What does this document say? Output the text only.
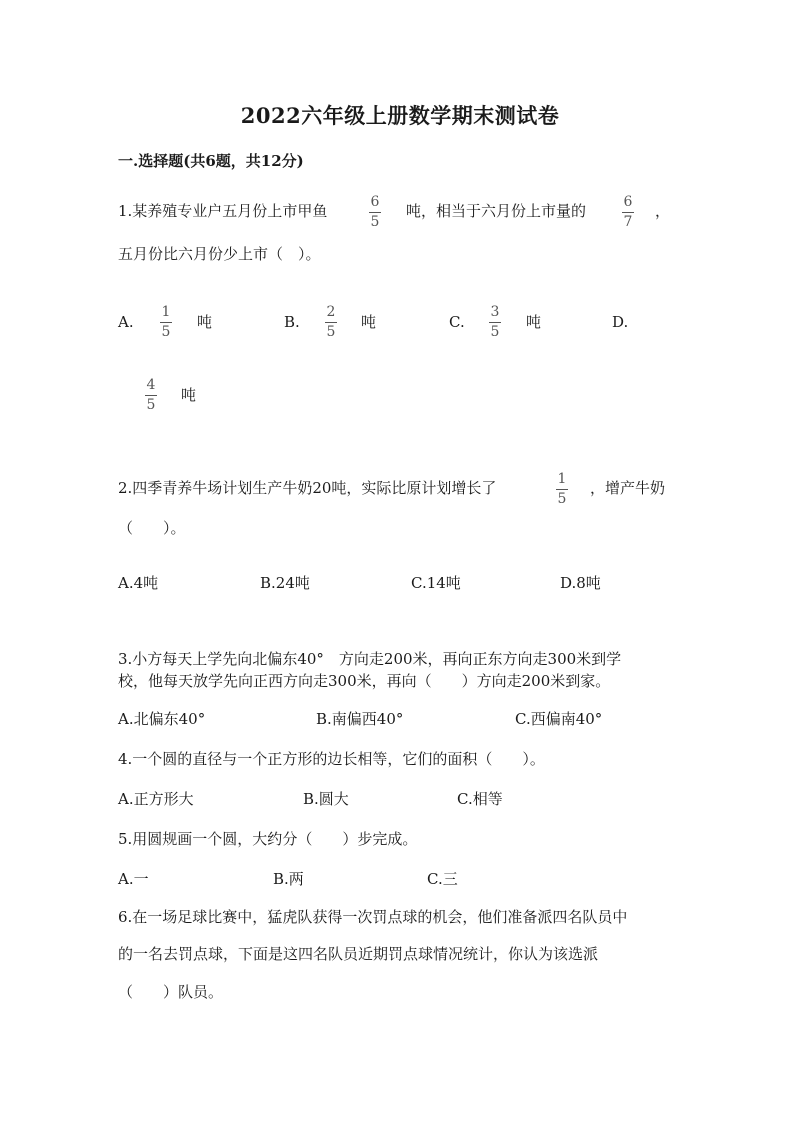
2022六年级上册数学期末测试卷
一.选择题(共6题，共12分)
1.某养殖专业户五月份上市甲鱼	6
5
吨，相当于六月份上市量的	6
7
，
五月份比六月份少上市（　）。
A.
1
5
吨	B.
2
5
吨	C.
3
5
吨	D.
4
5
吨
2.四季青养牛场计划生产牛奶20吨，实际比原计划增长了	1
5
，增产牛奶
（　　）。
A.4吨	B.24吨	C.14吨	D.8吨
3.小方每天上学先向北偏东40°　方向走200米，再向正东方向走300米到学
校，他每天放学先向正西方向走300米，再向（　　）方向走200米到家。
A.北偏东40°	B.南偏西40°	C.西偏南40°
4.一个圆的直径与一个正方形的边长相等，它们的面积（　　）。
A.正方形大	B.圆大	C.相等
5.用圆规画一个圆，大约分（　　）步完成。
A.一	B.两	C.三
6.在一场足球比赛中，猛虎队获得一次罚点球的机会，他们准备派四名队员中
的一名去罚点球，下面是这四名队员近期罚点球情况统计，你认为该选派
（　　）队员。
